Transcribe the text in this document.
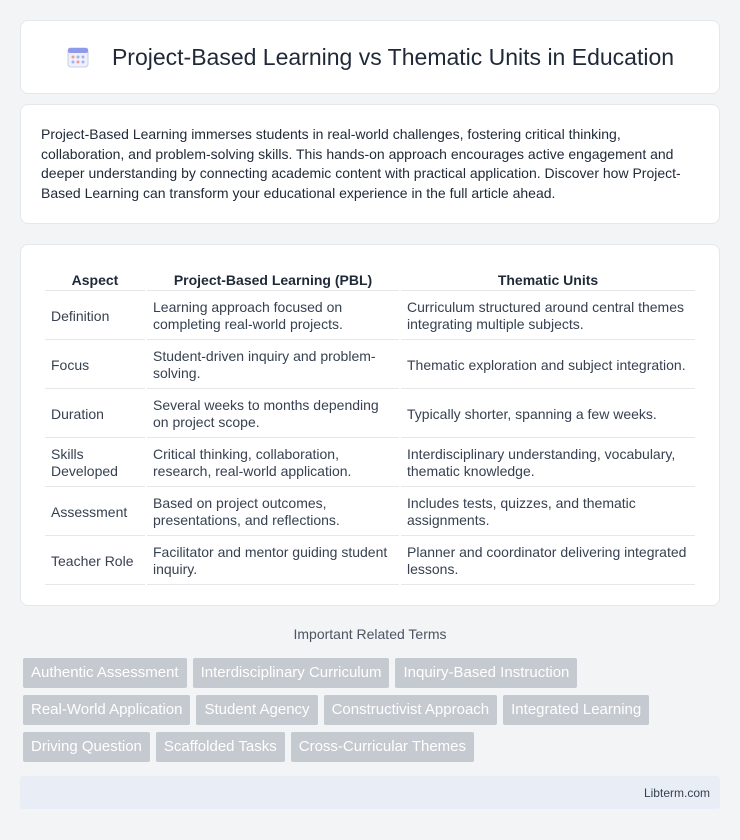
Project-Based Learning vs Thematic Units in Education

Project-Based Learning immerses students in real-world challenges, fostering critical thinking, collaboration, and problem-solving skills. This hands-on approach encourages active engagement and deeper understanding by connecting academic content with practical application. Discover how Project-Based Learning can transform your educational experience in the full article ahead.

Aspect	Project-Based Learning (PBL)	Thematic Units
Definition	Learning approach focused on completing real-world projects.	Curriculum structured around central themes integrating multiple subjects.
Focus	Student-driven inquiry and problem-solving.	Thematic exploration and subject integration.
Duration	Several weeks to months depending on project scope.	Typically shorter, spanning a few weeks.
Skills Developed	Critical thinking, collaboration, research, real-world application.	Interdisciplinary understanding, vocabulary, thematic knowledge.
Assessment	Based on project outcomes, presentations, and reflections.	Includes tests, quizzes, and thematic assignments.
Teacher Role	Facilitator and mentor guiding student inquiry.	Planner and coordinator delivering integrated lessons.
Important Related Terms
Authentic Assessment	Interdisciplinary Curriculum	Inquiry-Based Instruction
Real-World Application	Student Agency	Constructivist Approach	Integrated Learning
Driving Question	Scaffolded Tasks	Cross-Curricular Themes
Libterm.com
